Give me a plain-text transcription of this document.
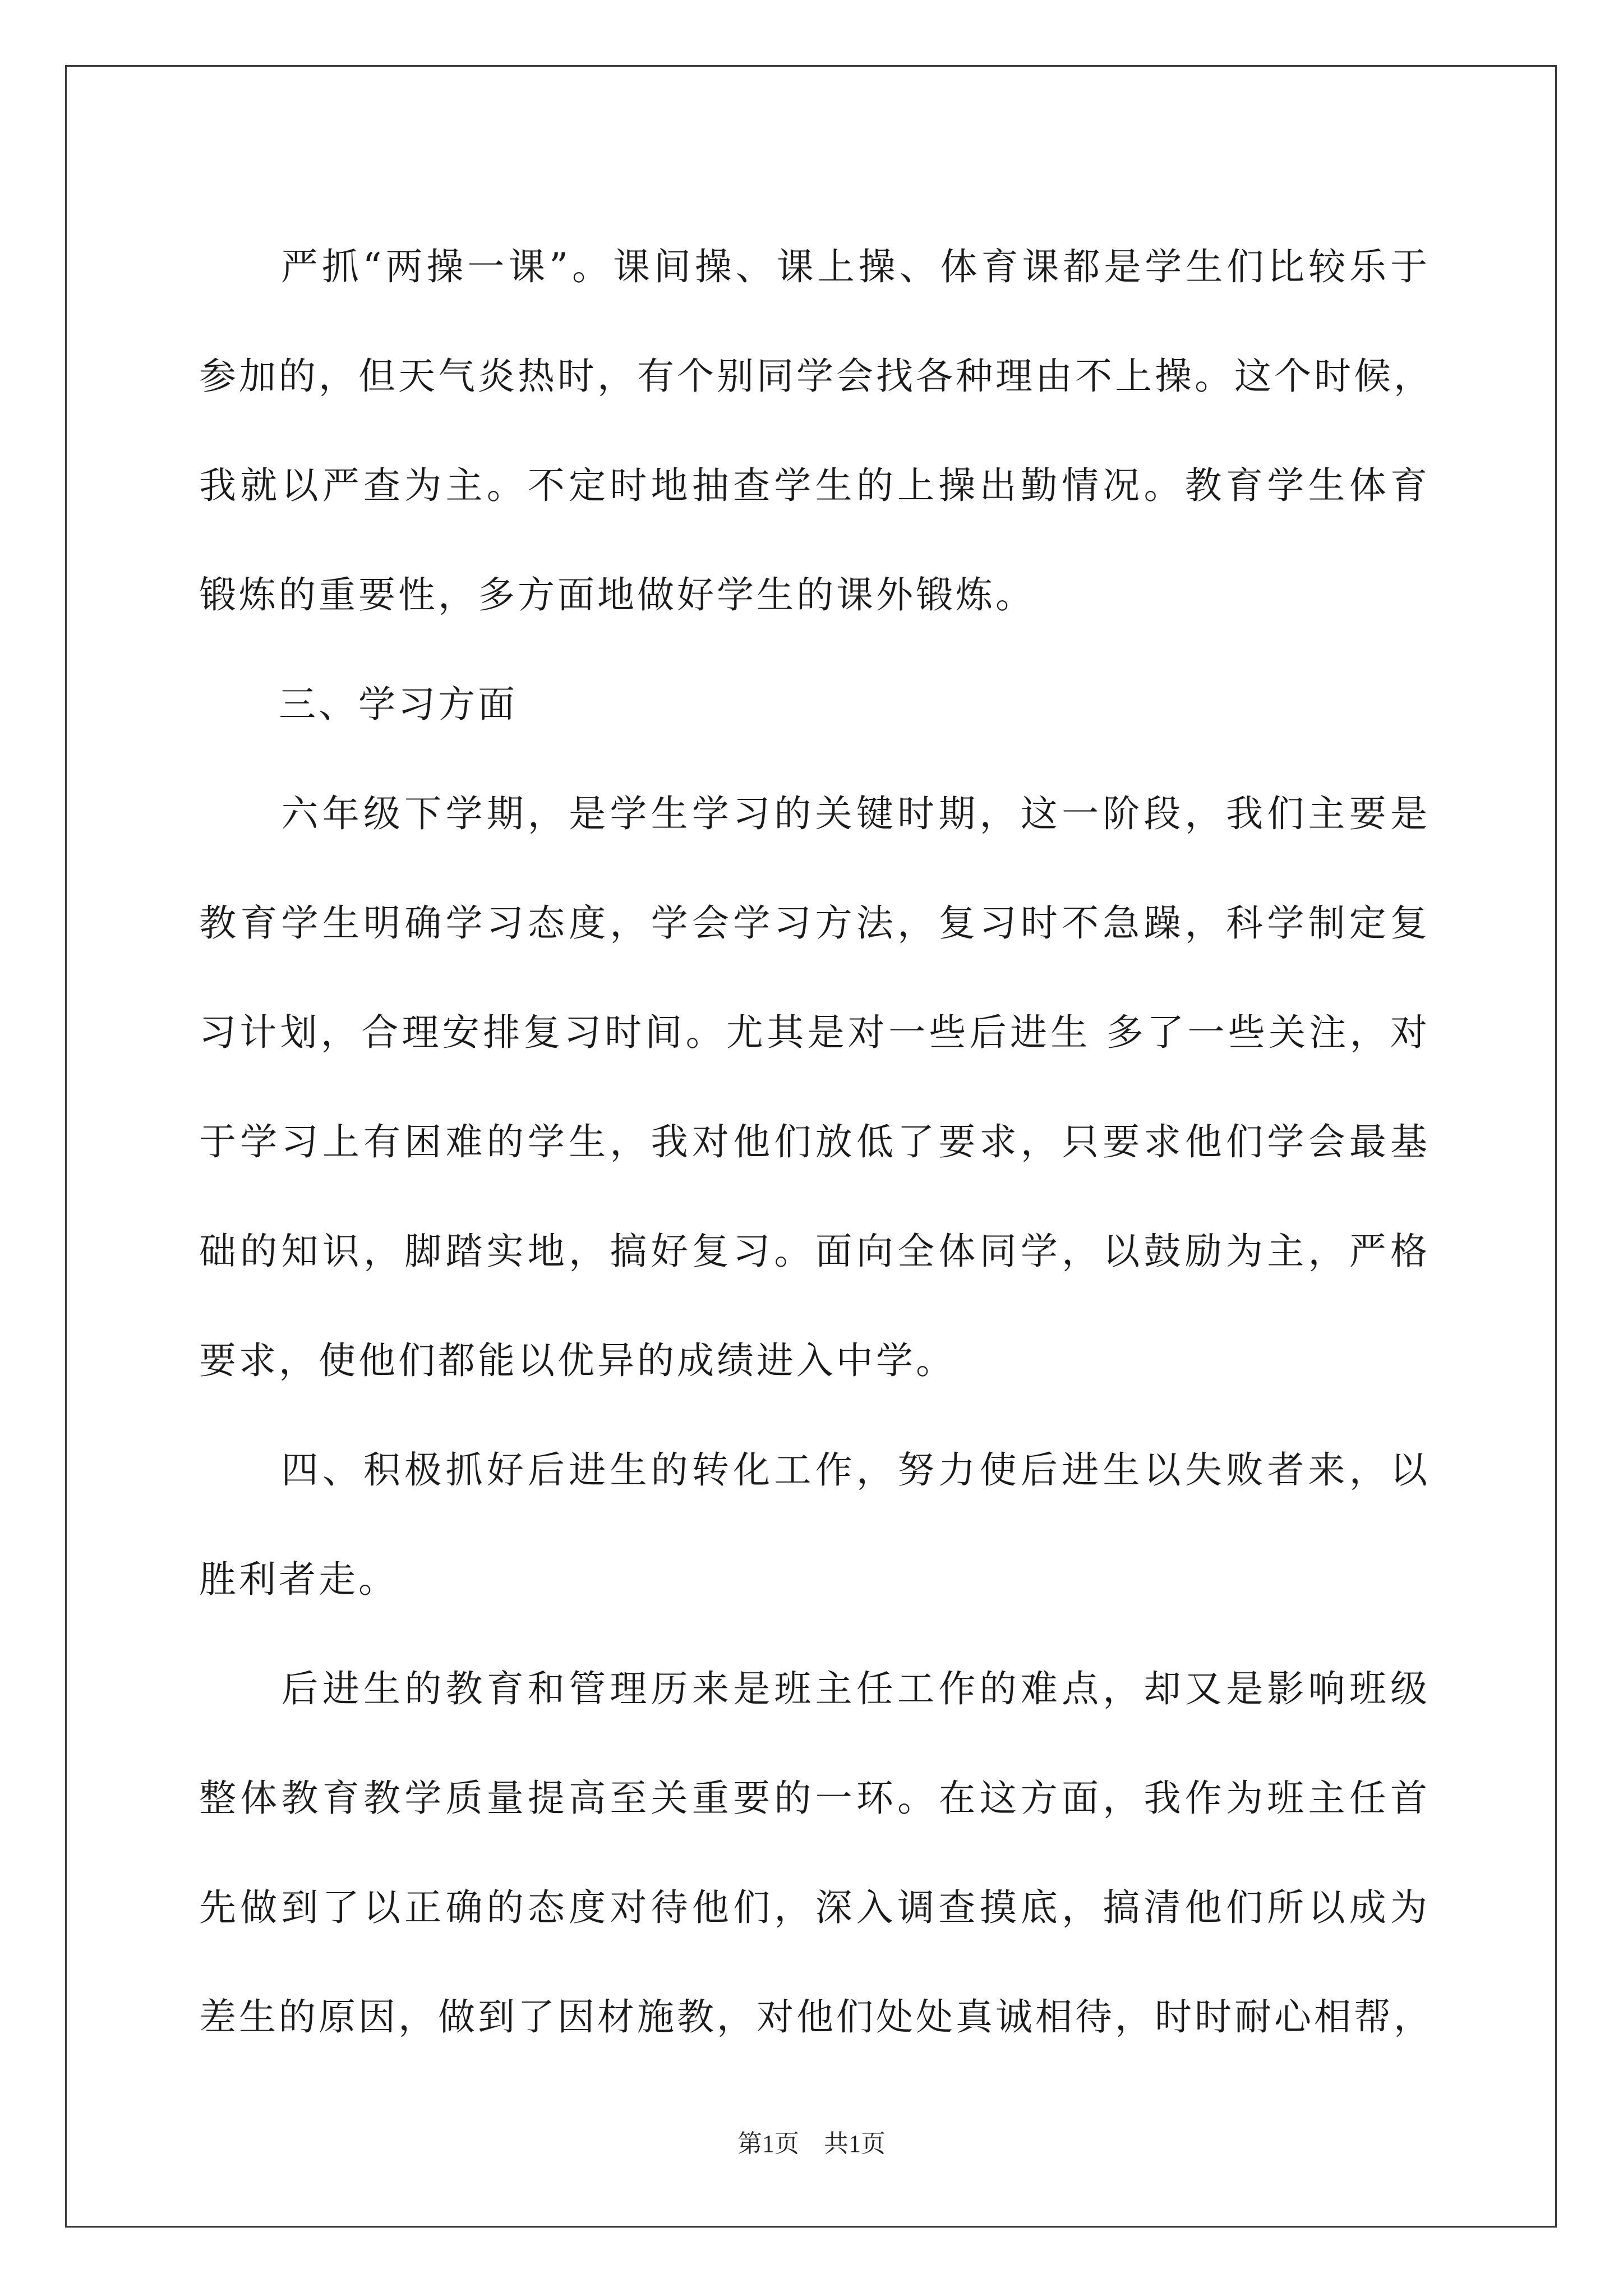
　　严抓“两操一课”。课间操、课上操、体育课都是学生们比较乐于
参加的，但天气炎热时，有个别同学会找各种理由不上操。这个时候，
我就以严查为主。不定时地抽查学生的上操出勤情况。教育学生体育
锻炼的重要性，多方面地做好学生的课外锻炼。
　　三、学习方面
　　六年级下学期，是学生学习的关键时期，这一阶段，我们主要是
教育学生明确学习态度，学会学习方法，复习时不急躁，科学制定复
习计划，合理安排复习时间。尤其是对一些后进生 多了一些关注，对
于学习上有困难的学生，我对他们放低了要求，只要求他们学会最基
础的知识，脚踏实地，搞好复习。面向全体同学，以鼓励为主，严格
要求，使他们都能以优异的成绩进入中学。
　　四、积极抓好后进生的转化工作，努力使后进生以失败者来，以
胜利者走。
　　后进生的教育和管理历来是班主任工作的难点，却又是影响班级
整体教育教学质量提高至关重要的一环。在这方面，我作为班主任首
先做到了以正确的态度对待他们，深入调查摸底，搞清他们所以成为
差生的原因，做到了因材施教，对他们处处真诚相待，时时耐心相帮，
第1页　共1页
